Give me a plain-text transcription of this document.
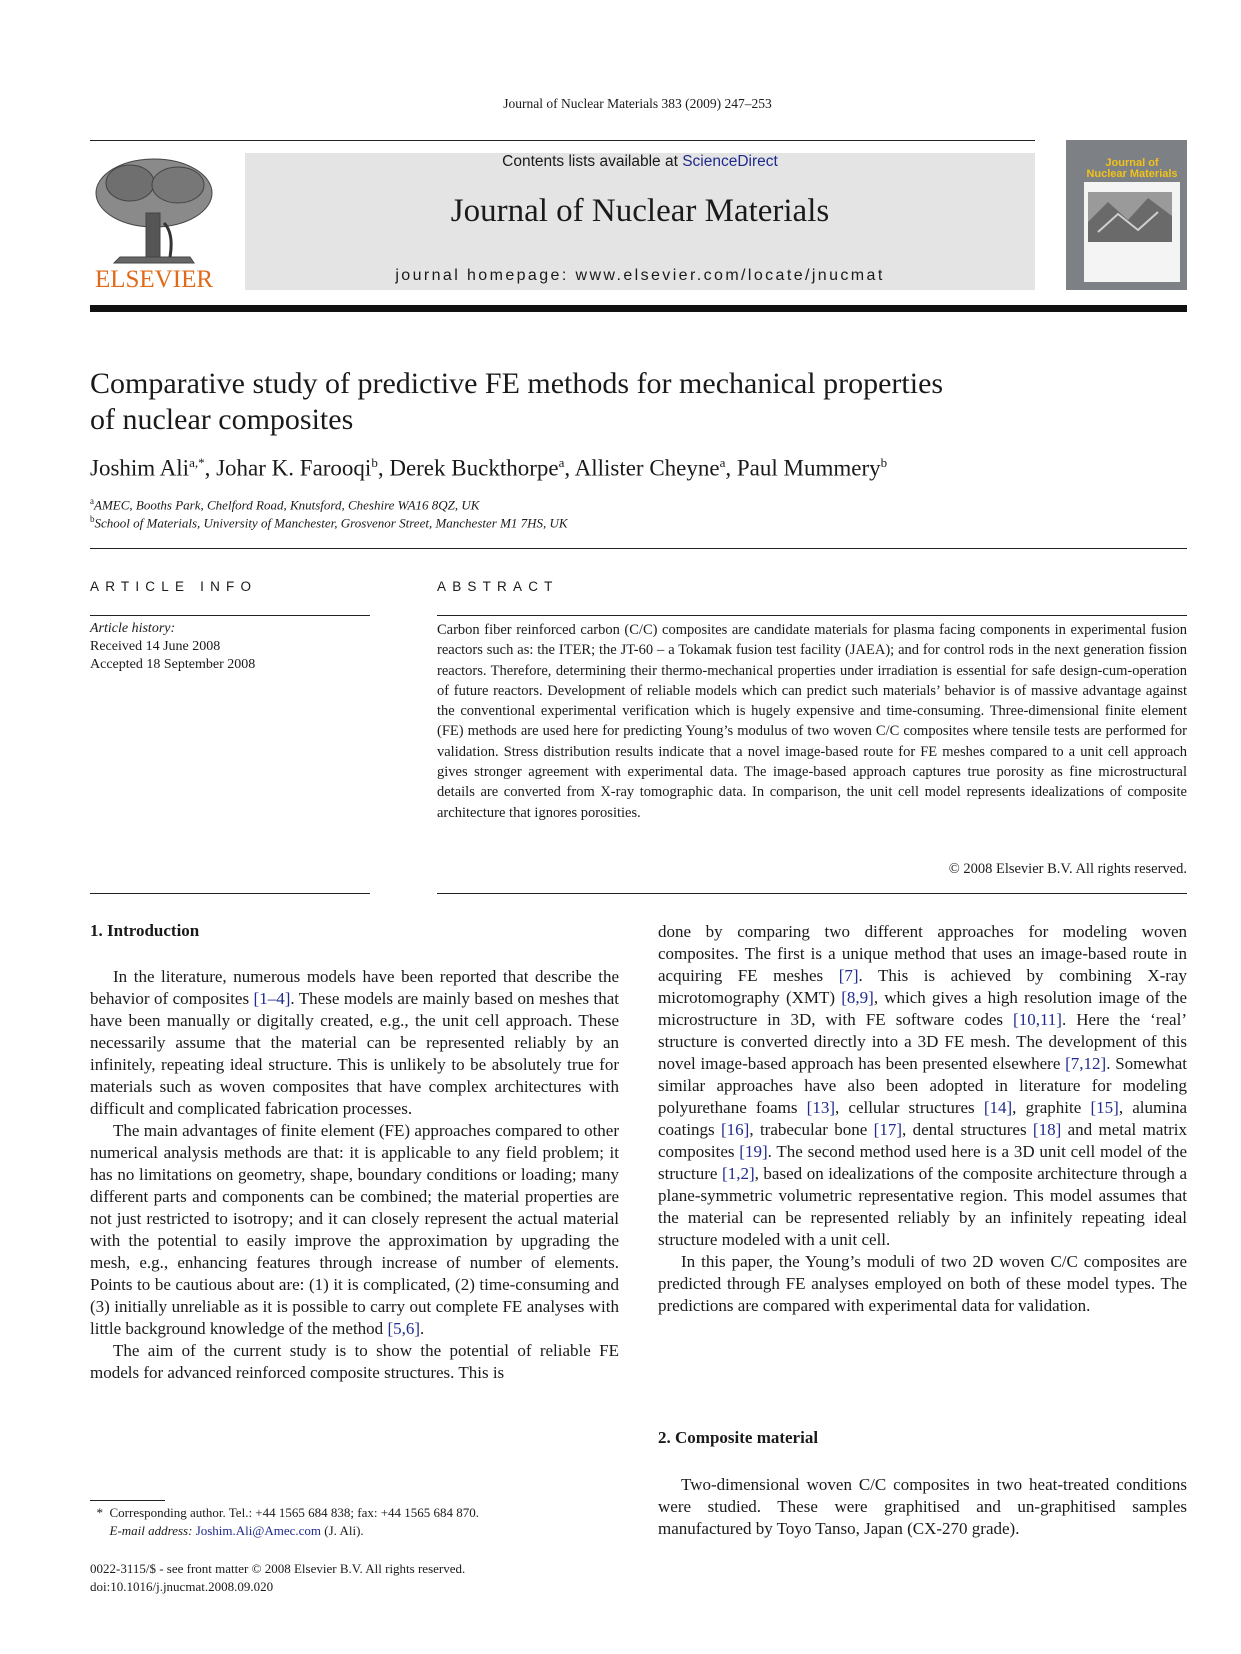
Journal of Nuclear Materials 383 (2009) 247–253
ELSEVIER
Contents lists available at ScienceDirect
Journal of Nuclear Materials
journal homepage: www.elsevier.com/locate/jnucmat
Journal of
Nuclear Materials
Comparative study of predictive FE methods for mechanical properties
of nuclear composites
Joshim Ali$^{a,*}$, Johar K. Farooqi$^b$, Derek Buckthorpe$^a$, Allister Cheyne$^a$, Paul Mummery$^b$
$^a$AMEC, Booths Park, Chelford Road, Knutsford, Cheshire WA16 8QZ, UK
$^b$School of Materials, University of Manchester, Grosvenor Street, Manchester M1 7HS, UK
ARTICLE INFO	ABSTRACT
Article history:
Received 14 June 2008
Accepted 18 September 2008
Carbon fiber reinforced carbon (C/C) composites are candidate materials for plasma facing components in experimental fusion reactors such as: the ITER; the JT-60 – a Tokamak fusion test facility (JAEA); and for control rods in the next generation fission reactors. Therefore, determining their thermo-mechanical properties under irradiation is essential for safe design-cum-operation of future reactors. Development of reliable models which can predict such materials’ behavior is of massive advantage against the conventional experimental verification which is hugely expensive and time-consuming. Three-dimensional finite element (FE) methods are used here for predicting Young’s modulus of two woven C/C composites where tensile tests are performed for validation. Stress distribution results indicate that a novel image-based route for FE meshes compared to a unit cell approach gives stronger agreement with experimental data. The image-based approach captures true porosity as fine microstructural details are converted from X-ray tomographic data. In comparison, the unit cell model represents idealizations of composite architecture that ignores porosities.
© 2008 Elsevier B.V. All rights reserved.
1. Introduction

In the literature, numerous models have been reported that describe the behavior of composites [1–4]. These models are mainly based on meshes that have been manually or digitally created, e.g., the unit cell approach. These necessarily assume that the material can be represented reliably by an infinitely, repeating ideal structure. This is unlikely to be absolutely true for materials such as woven composites that have complex architectures with difficult and complicated fabrication processes.

The main advantages of finite element (FE) approaches compared to other numerical analysis methods are that: it is applicable to any field problem; it has no limitations on geometry, shape, boundary conditions or loading; many different parts and components can be combined; the material properties are not just restricted to isotropy; and it can closely represent the actual material with the potential to easily improve the approximation by upgrading the mesh, e.g., enhancing features through increase of number of elements. Points to be cautious about are: (1) it is complicated, (2) time-consuming and (3) initially unreliable as it is possible to carry out complete FE analyses with little background knowledge of the method [5,6].

The aim of the current study is to show the potential of reliable FE models for advanced reinforced composite structures. This is

done by comparing two different approaches for modeling woven composites. The first is a unique method that uses an image-based route in acquiring FE meshes [7]. This is achieved by combining X-ray microtomography (XMT) [8,9], which gives a high resolution image of the microstructure in 3D, with FE software codes [10,11]. Here the ‘real’ structure is converted directly into a 3D FE mesh. The development of this novel image-based approach has been presented elsewhere [7,12]. Somewhat similar approaches have also been adopted in literature for modeling polyurethane foams [13], cellular structures [14], graphite [15], alumina coatings [16], trabecular bone [17], dental structures [18] and metal matrix composites [19]. The second method used here is a 3D unit cell model of the structure [1,2], based on idealizations of the composite architecture through a plane-symmetric volumetric representative region. This model assumes that the material can be represented reliably by an infinitely repeating ideal structure modeled with a unit cell.

In this paper, the Young’s moduli of two 2D woven C/C composites are predicted through FE analyses employed on both of these model types. The predictions are compared with experimental data for validation.

2. Composite material

Two-dimensional woven C/C composites in two heat-treated conditions were studied. These were graphitised and un-graphitised samples manufactured by Toyo Tanso, Japan (CX-270 grade).

* Corresponding author. Tel.: +44 1565 684 838; fax: +44 1565 684 870.
E-mail address: Joshim.Ali@Amec.com (J. Ali).
0022-3115/$ - see front matter © 2008 Elsevier B.V. All rights reserved.
doi:10.1016/j.jnucmat.2008.09.020
